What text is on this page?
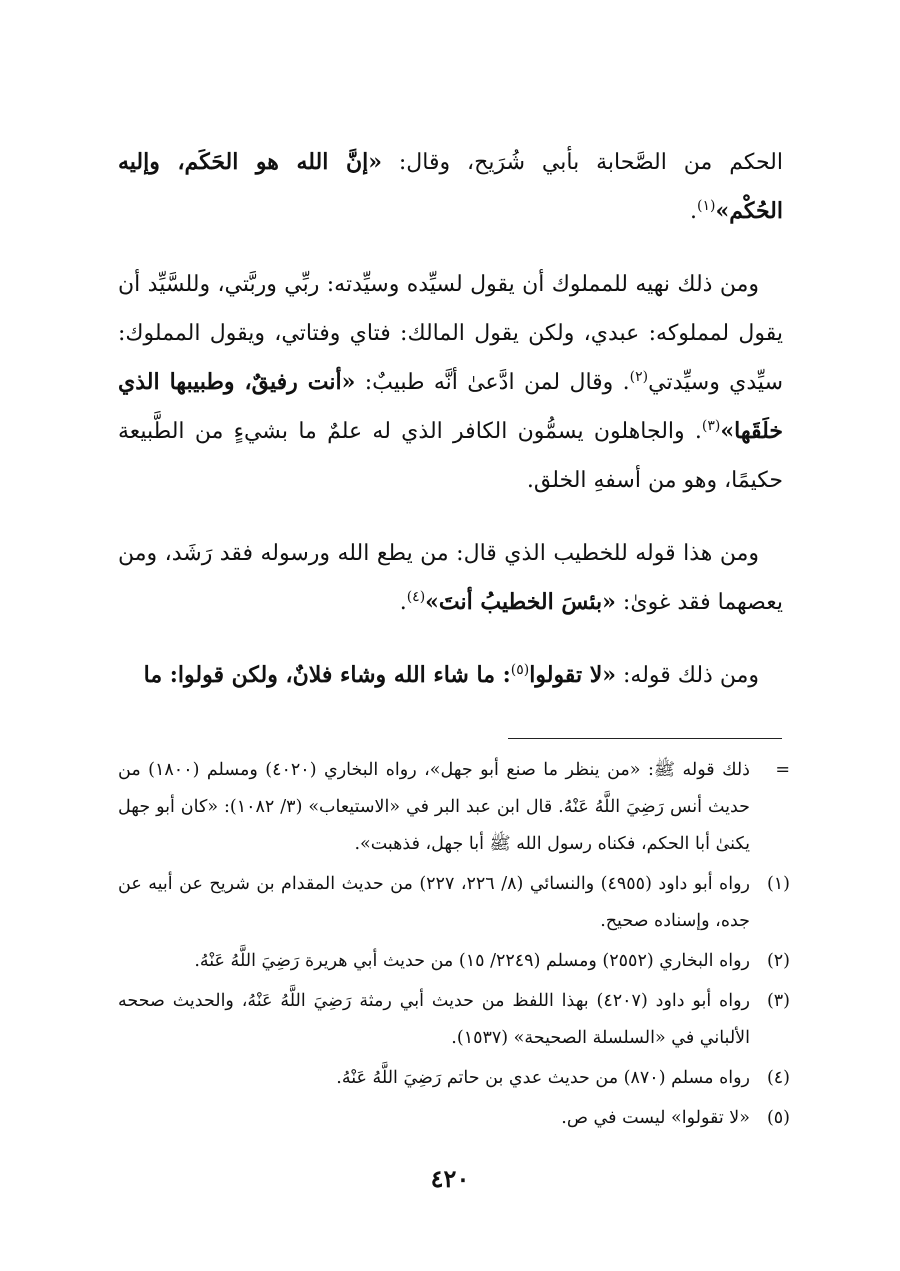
الحكم من الصَّحابة بأبي شُرَيح، وقال: «إنَّ الله هو الحَكَم، وإليه الحُكْم»$^{(١)}$.

ومن ذلك نهيه للمملوك أن يقول لسيِّده وسيِّدته: ربِّي وربَّتي، وللسَّيِّد أن يقول لمملوكه: عبدي، ولكن يقول المالك: فتاي وفتاتي، ويقول المملوك: سيِّدي وسيِّدتي$^{(٢)}$. وقال لمن ادَّعىٰ أنَّه طبيبٌ: «أنت رفيقٌ، وطبيبها الذي خلَقَها»$^{(٣)}$. والجاهلون يسمُّون الكافر الذي له علمٌ ما بشيءٍ من الطَّبيعة حكيمًا، وهو من أسفهِ الخلق.

ومن هذا قوله للخطيب الذي قال: من يطع الله ورسوله فقد رَشَد، ومن يعصهما فقد غوىٰ: «بئسَ الخطيبُ أنتَ»$^{(٤)}$.

ومن ذلك قوله: «لا تقولوا$^{(٥)}$: ما شاء الله وشاء فلانٌ، ولكن قولوا: ما

=
ذلك قوله ﷺ: «من ينظر ما صنع أبو جهل»، رواه البخاري (٤٠٢٠) ومسلم (١٨٠٠) من حديث أنس رَضِيَ اللَّهُ عَنْهُ. قال ابن عبد البر في «الاستيعاب» (٣/ ١٠٨٢): «كان أبو جهل يكنىٰ أبا الحكم، فكناه رسول الله ﷺ أبا جهل، فذهبت».
(١)
رواه أبو داود (٤٩٥٥) والنسائي (٨/ ٢٢٦، ٢٢٧) من حديث المقدام بن شريح عن أبيه عن جده، وإسناده صحيح.
(٢)
رواه البخاري (٢٥٥٢) ومسلم (٢٢٤٩/ ١٥) من حديث أبي هريرة رَضِيَ اللَّهُ عَنْهُ.
(٣)
رواه أبو داود (٤٢٠٧) بهذا اللفظ من حديث أبي رمثة رَضِيَ اللَّهُ عَنْهُ، والحديث صححه الألباني في «السلسلة الصحيحة» (١٥٣٧).
(٤)
رواه مسلم (٨٧٠) من حديث عدي بن حاتم رَضِيَ اللَّهُ عَنْهُ.
(٥)
«لا تقولوا» ليست في ص.
٤٢٠
